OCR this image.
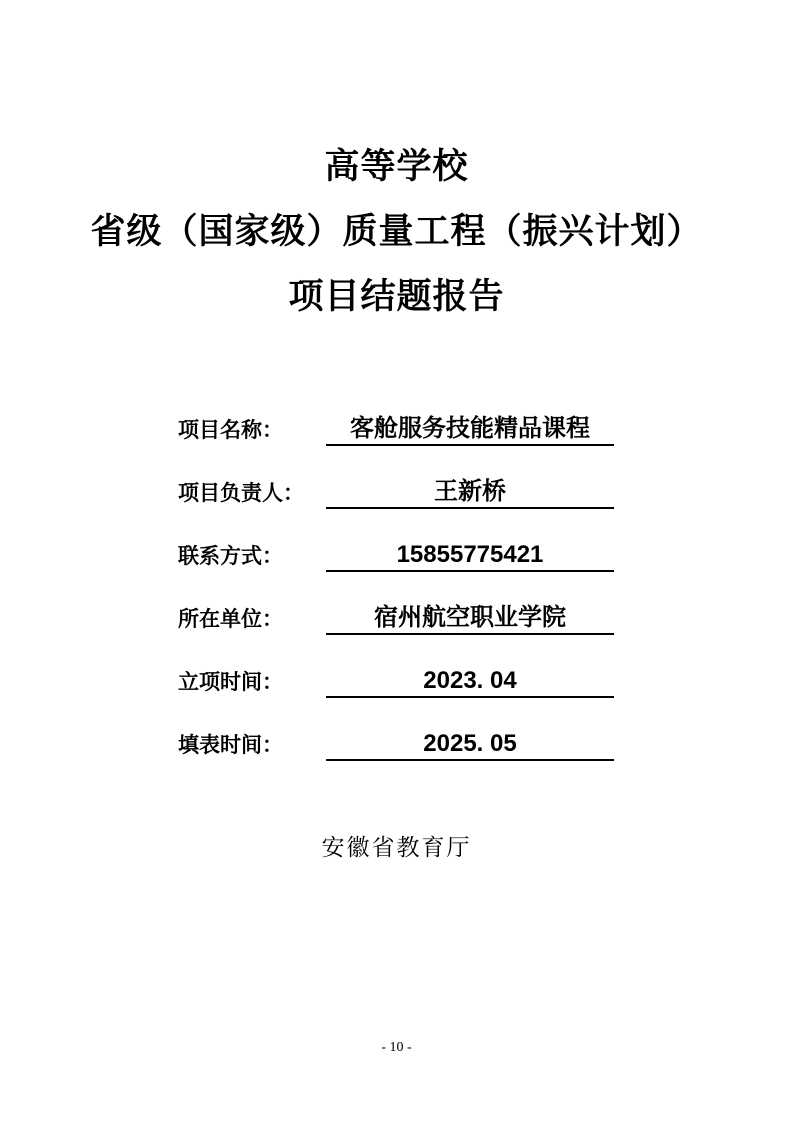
高等学校
省级（国家级）质量工程（振兴计划）
项目结题报告
项目名称：	客舱服务技能精品课程
项目负责人：	王新桥
联系方式：	15855775421
所在单位：	宿州航空职业学院
立项时间：	2023. 04
填表时间：	2025. 05
安徽省教育厅
- 10 -
